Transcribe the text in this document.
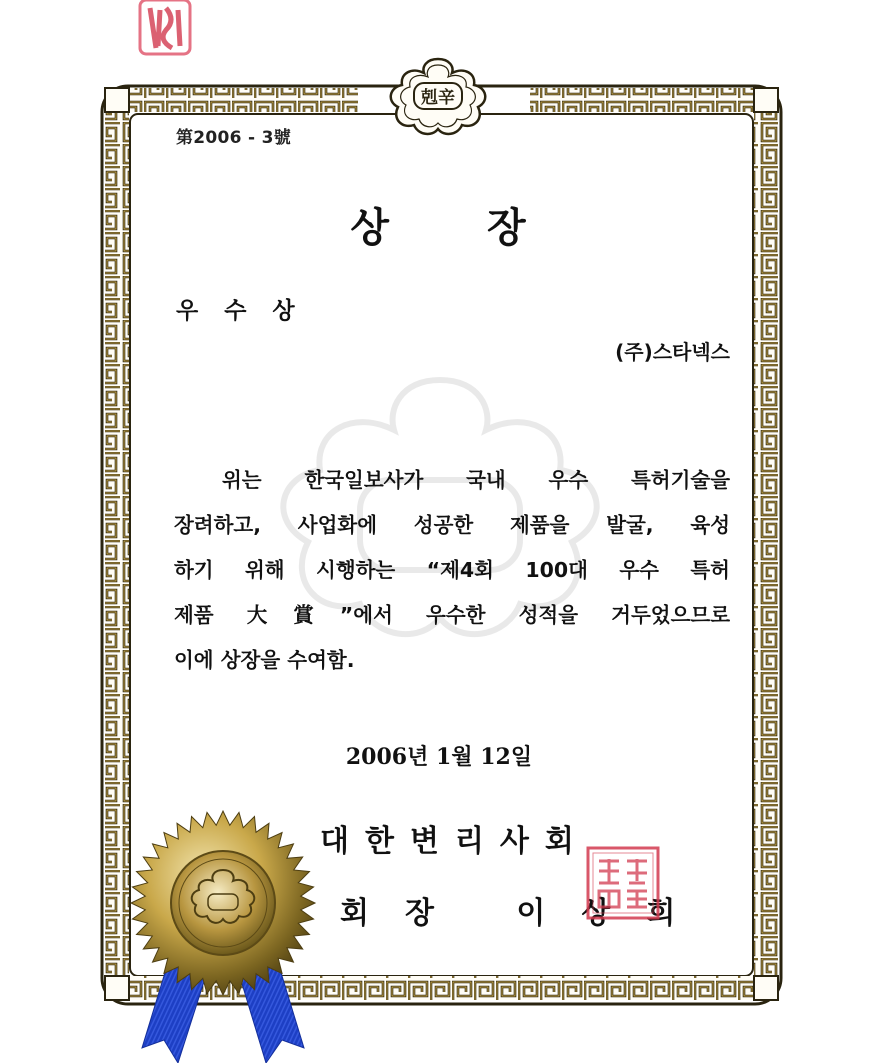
剋辛
第2006 - 3號
상 장
우수상
(주)스타넥스
위는 한국일보사가 국내 우수 특허기술을
장려하고, 사업화에 성공한 제품을 발굴, 육성
하기 위해 시행하는 “제4회 100대 우수 특허
제품 大賞”에서 우수한 성적을 거두었으므로
이에 상장을 수여함.
2006년 1월 12일
대한변리사회
회장 이상희
